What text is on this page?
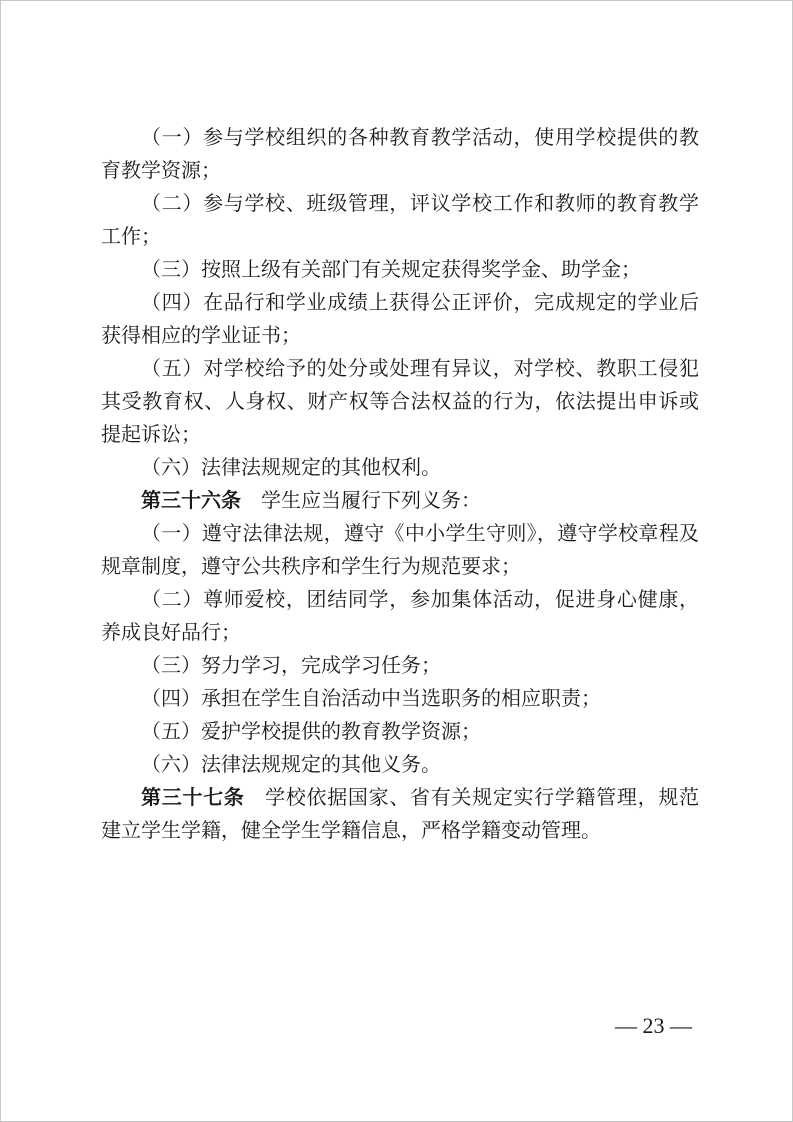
（一）参与学校组织的各种教育教学活动，使用学校提供的教育教学资源；

（二）参与学校、班级管理，评议学校工作和教师的教育教学工作；

（三）按照上级有关部门有关规定获得奖学金、助学金；

（四）在品行和学业成绩上获得公正评价，完成规定的学业后获得相应的学业证书；

（五）对学校给予的处分或处理有异议，对学校、教职工侵犯其受教育权、人身权、财产权等合法权益的行为，依法提出申诉或提起诉讼；

（六）法律法规规定的其他权利。

第三十六条 学生应当履行下列义务：

（一）遵守法律法规，遵守《中小学生守则》，遵守学校章程及规章制度，遵守公共秩序和学生行为规范要求；

（二）尊师爱校，团结同学，参加集体活动，促进身心健康，养成良好品行；

（三）努力学习，完成学习任务；

（四）承担在学生自治活动中当选职务的相应职责；

（五）爱护学校提供的教育教学资源；

（六）法律法规规定的其他义务。

第三十七条 学校依据国家、省有关规定实行学籍管理，规范建立学生学籍，健全学生学籍信息，严格学籍变动管理。

— 23 —
